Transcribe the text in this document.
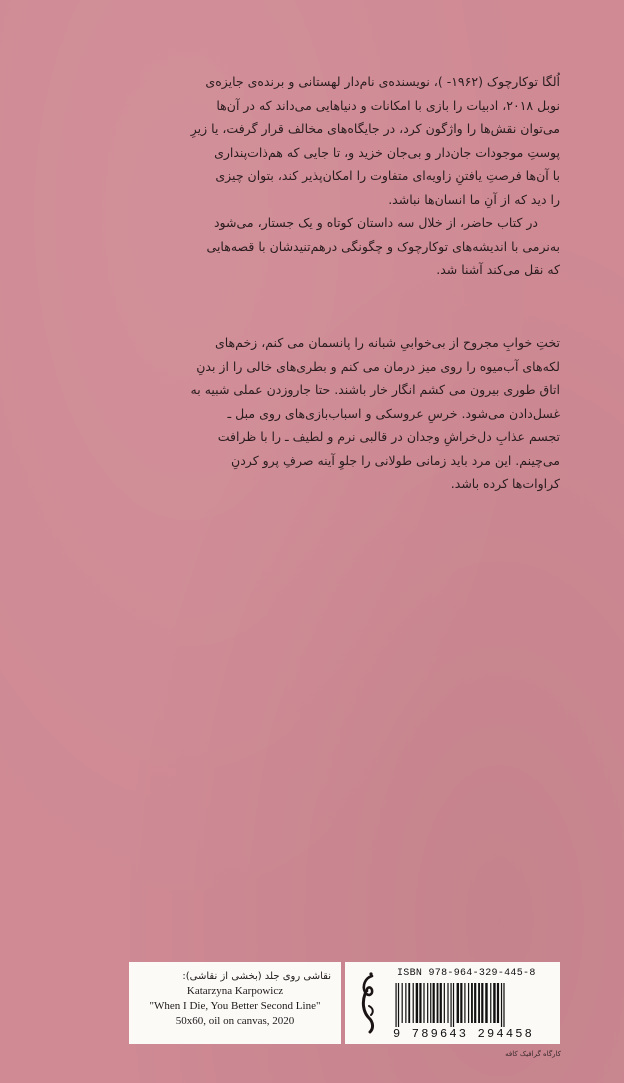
اُلگا توکارچوک (۱۹۶۲- )، نویسنده‌ی نام‌دار لهستانی و برنده‌ی جایزه‌ی
نوبل ۲۰۱۸، ادبیات را بازی با امکانات و دنیاهایی می‌داند که در آن‌ها
می‌توان نقش‌ها را واژگون کرد، در جایگاه‌های مخالف قرار گرفت، یا زیرِ
پوستِ موجودات جان‌دار و بی‌جان خزید و، تا جایی که هم‌ذات‌پنداری
با آن‌ها فرصتِ یافتنِ زاویه‌ای متفاوت را امکان‌پذیر کند، بتوان چیزی
را دید که از آنِ ما انسان‌ها نباشد.
در کتاب حاضر، از خلال سه داستان کوتاه و یک جستار، می‌شود
به‌نرمی با اندیشه‌های توکارچوک و چگونگی درهم‌تنیدشان با قصه‌هایی
که نقل می‌کند آشنا شد.
تختِ خوابِ مجروح از بی‌خوابیِ شبانه را پانسمان می‌ کنم، زخم‌های
لکه‌های آب‌میوه را روی میز درمان می‌ کنم و بطری‌های خالی را از بدنِ
اتاق طوری بیرون می‌ کشم انگار خار باشند. حتا جاروزدن عملی شبیه به
غسل‌دادن می‌شود. خرسِ عروسکی و اسباب‌بازی‌های روی مبل ـ
تجسم عذابِ دل‌خراشِ وجدان در قالبی نرم و لطیف ـ را با ظرافت
می‌چینم. این مرد باید زمانی طولانی را جلوِ آینه صرفِ پرو کردنِ
کراوات‌ها کرده باشد.
نقاشی روی جلد (بخشی از نقاشی):
Katarzyna Karpowicz
"When I Die, You Better Second Line"
50x60, oil on canvas, 2020
ISBN 978-964-329-445-8
9 789643 294458
کارگاه گرافیک کافه
